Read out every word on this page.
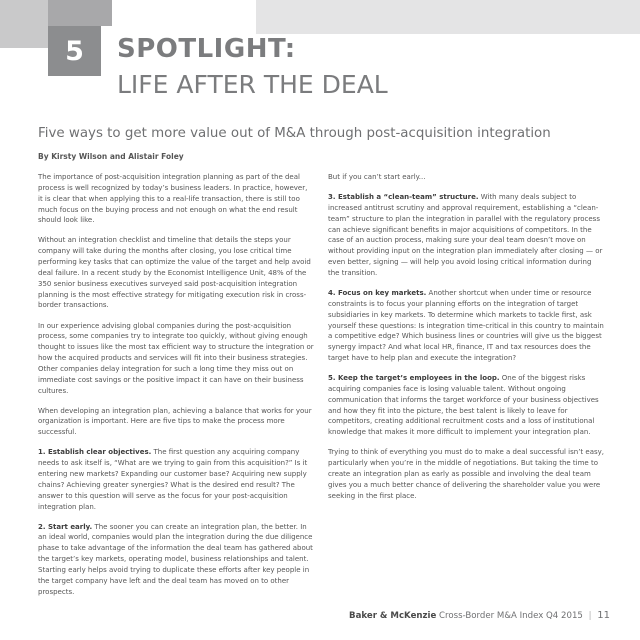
5 SPOTLIGHT:
LIFE AFTER THE DEAL

Five ways to get more value out of M&A through post-acquisition integration

By Kirsty Wilson and Alistair Foley

The importance of post-acquisition integration planning as part of the deal process is well recognized by today’s business leaders. In practice, however, it is clear that when applying this to a real-life transaction, there is still too much focus on the buying process and not enough on what the end result should look like.

Without an integration checklist and timeline that details the steps your company will take during the months after closing, you lose critical time performing key tasks that can optimize the value of the target and help avoid deal failure. In a recent study by the Economist Intelligence Unit, 48% of the 350 senior business executives surveyed said post-acquisition integration planning is the most effective strategy for mitigating execution risk in cross-border transactions.

In our experience advising global companies during the post-acquisition process, some companies try to integrate too quickly, without giving enough thought to issues like the most tax efficient way to structure the integration or how the acquired products and services will fit into their business strategies. Other companies delay integration for such a long time they miss out on immediate cost savings or the positive impact it can have on their business cultures.

When developing an integration plan, achieving a balance that works for your organization is important. Here are five tips to make the process more successful.

1. Establish clear objectives. The first question any acquiring company needs to ask itself is, “What are we trying to gain from this acquisition?” Is it entering new markets? Expanding our customer base? Acquiring new supply chains? Achieving greater synergies? What is the desired end result? The answer to this question will serve as the focus for your post-acquisition integration plan.

2. Start early. The sooner you can create an integration plan, the better. In an ideal world, companies would plan the integration during the due diligence phase to take advantage of the information the deal team has gathered about the target’s key markets, operating model, business relationships and talent. Starting early helps avoid trying to duplicate these efforts after key people in the target company have left and the deal team has moved on to other prospects.

But if you can’t start early...

3. Establish a “clean-team” structure. With many deals subject to increased antitrust scrutiny and approval requirement, establishing a “clean-team” structure to plan the integration in parallel with the regulatory process can achieve significant benefits in major acquisitions of competitors. In the case of an auction process, making sure your deal team doesn’t move on without providing input on the integration plan immediately after closing — or even better, signing — will help you avoid losing critical information during the transition.

4. Focus on key markets. Another shortcut when under time or resource constraints is to focus your planning efforts on the integration of target subsidiaries in key markets. To determine which markets to tackle first, ask yourself these questions: Is integration time-critical in this country to maintain a competitive edge? Which business lines or countries will give us the biggest synergy impact? And what local HR, finance, IT and tax resources does the target have to help plan and execute the integration?

5. Keep the target’s employees in the loop. One of the biggest risks acquiring companies face is losing valuable talent. Without ongoing communication that informs the target workforce of your business objectives and how they fit into the picture, the best talent is likely to leave for competitors, creating additional recruitment costs and a loss of institutional knowledge that makes it more difficult to implement your integration plan.

Trying to think of everything you must do to make a deal successful isn’t easy, particularly when you’re in the middle of negotiations. But taking the time to create an integration plan as early as possible and involving the deal team gives you a much better chance of delivering the shareholder value you were seeking in the first place.

Baker & McKenzie Cross-Border M&A Index Q4 2015 | 11
